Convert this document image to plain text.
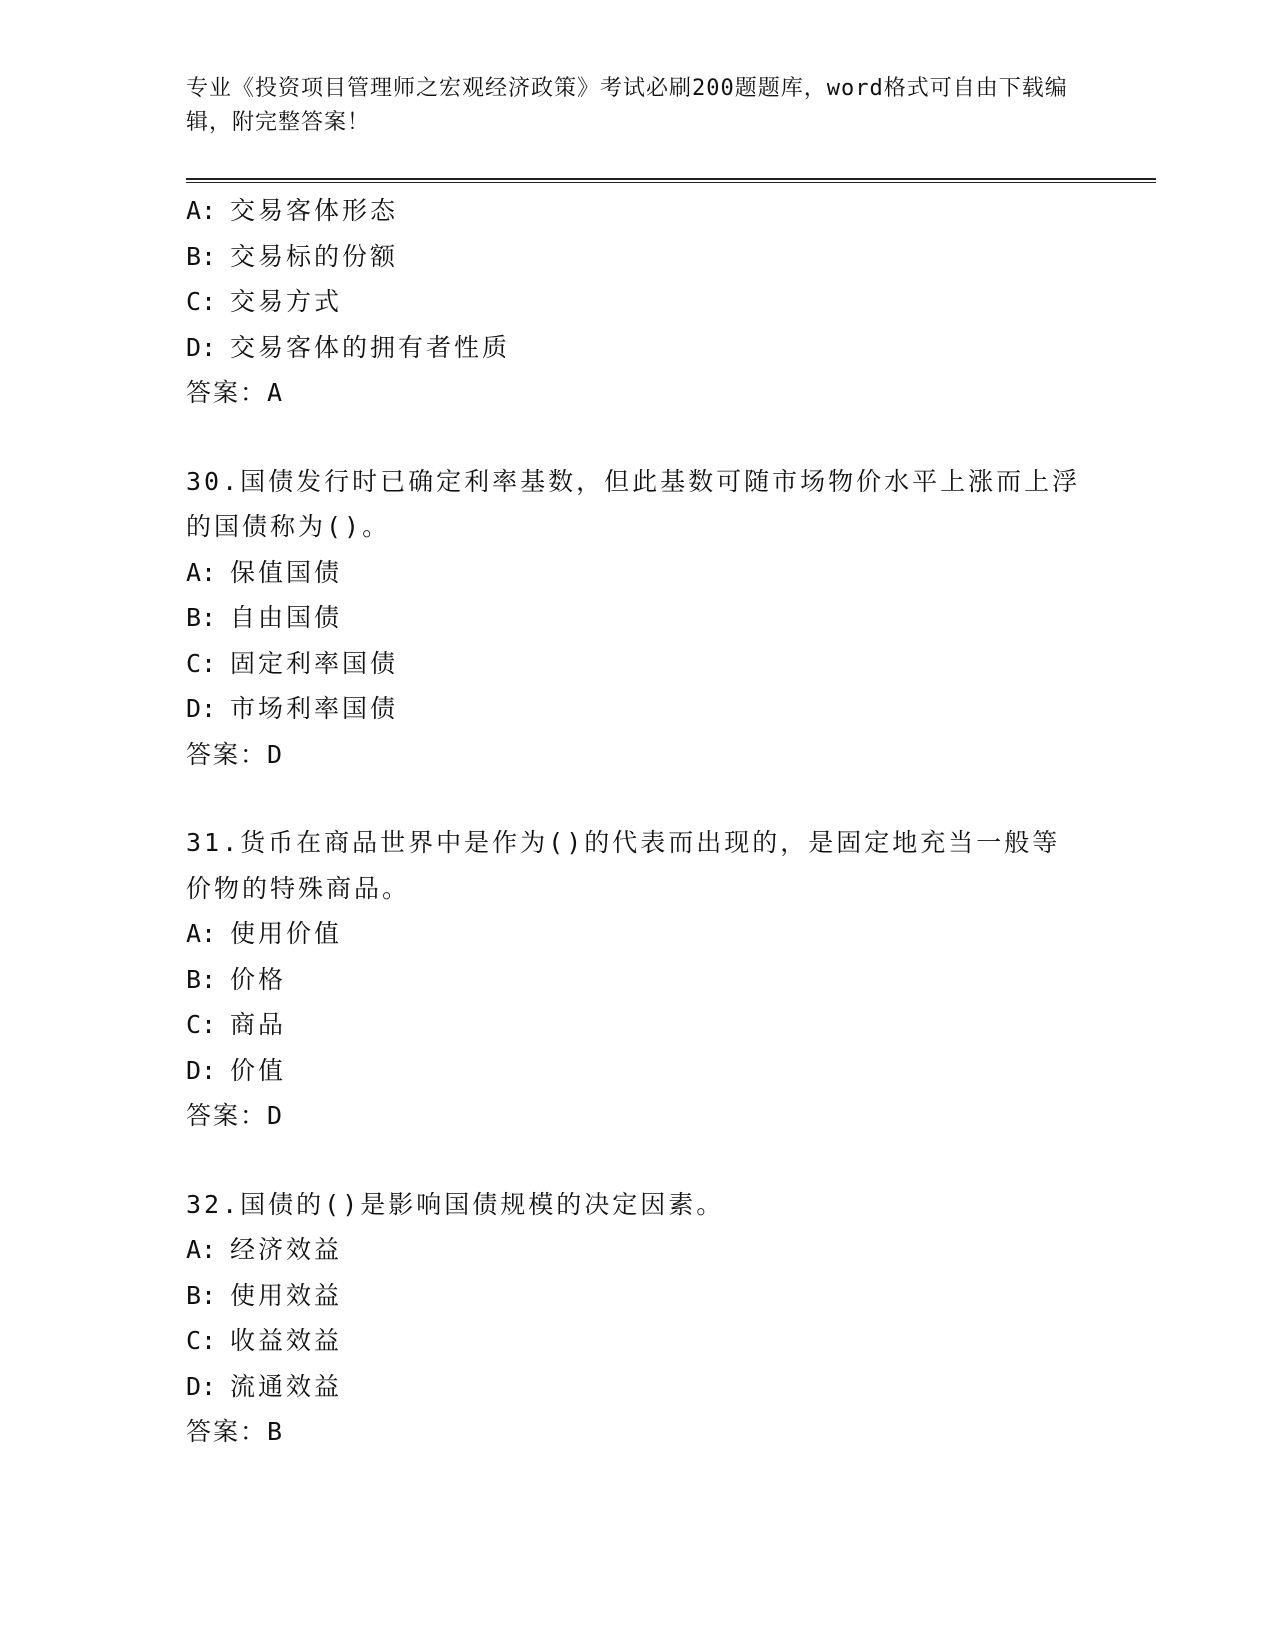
专业《投资项目管理师之宏观经济政策》考试必刷200题题库，word格式可自由下载编辑，附完整答案！

A: 交易客体形态

B: 交易标的份额

C: 交易方式

D: 交易客体的拥有者性质

答案：A

30.国债发行时已确定利率基数，但此基数可随市场物价水平上涨而上浮的国债称为()。

A: 保值国债

B: 自由国债

C: 固定利率国债

D: 市场利率国债

答案：D

31.货币在商品世界中是作为()的代表而出现的，是固定地充当一般等价物的特殊商品。

A: 使用价值

B: 价格

C: 商品

D: 价值

答案：D

32.国债的()是影响国债规模的决定因素。

A: 经济效益

B: 使用效益

C: 收益效益

D: 流通效益

答案：B
